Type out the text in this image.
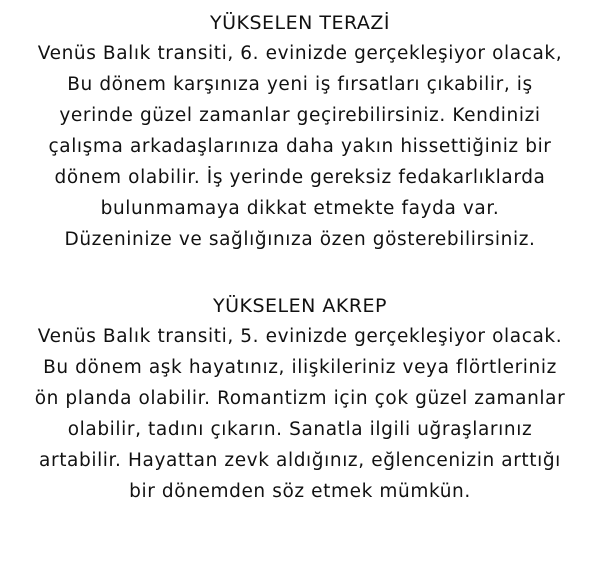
YÜKSELEN TERAZİ
Venüs Balık transiti, 6. evinizde gerçekleşiyor olacak,
Bu dönem karşınıza yeni iş fırsatları çıkabilir, iş
yerinde güzel zamanlar geçirebilirsiniz. Kendinizi
çalışma arkadaşlarınıza daha yakın hissettiğiniz bir
dönem olabilir. İş yerinde gereksiz fedakarlıklarda
bulunmamaya dikkat etmekte fayda var.
Düzeninize ve sağlığınıza özen gösterebilirsiniz.
YÜKSELEN AKREP
Venüs Balık transiti, 5. evinizde gerçekleşiyor olacak.
Bu dönem aşk hayatınız, ilişkileriniz veya flörtleriniz
ön planda olabilir. Romantizm için çok güzel zamanlar
olabilir, tadını çıkarın. Sanatla ilgili uğraşlarınız
artabilir. Hayattan zevk aldığınız, eğlencenizin arttığı
bir dönemden söz etmek mümkün.
